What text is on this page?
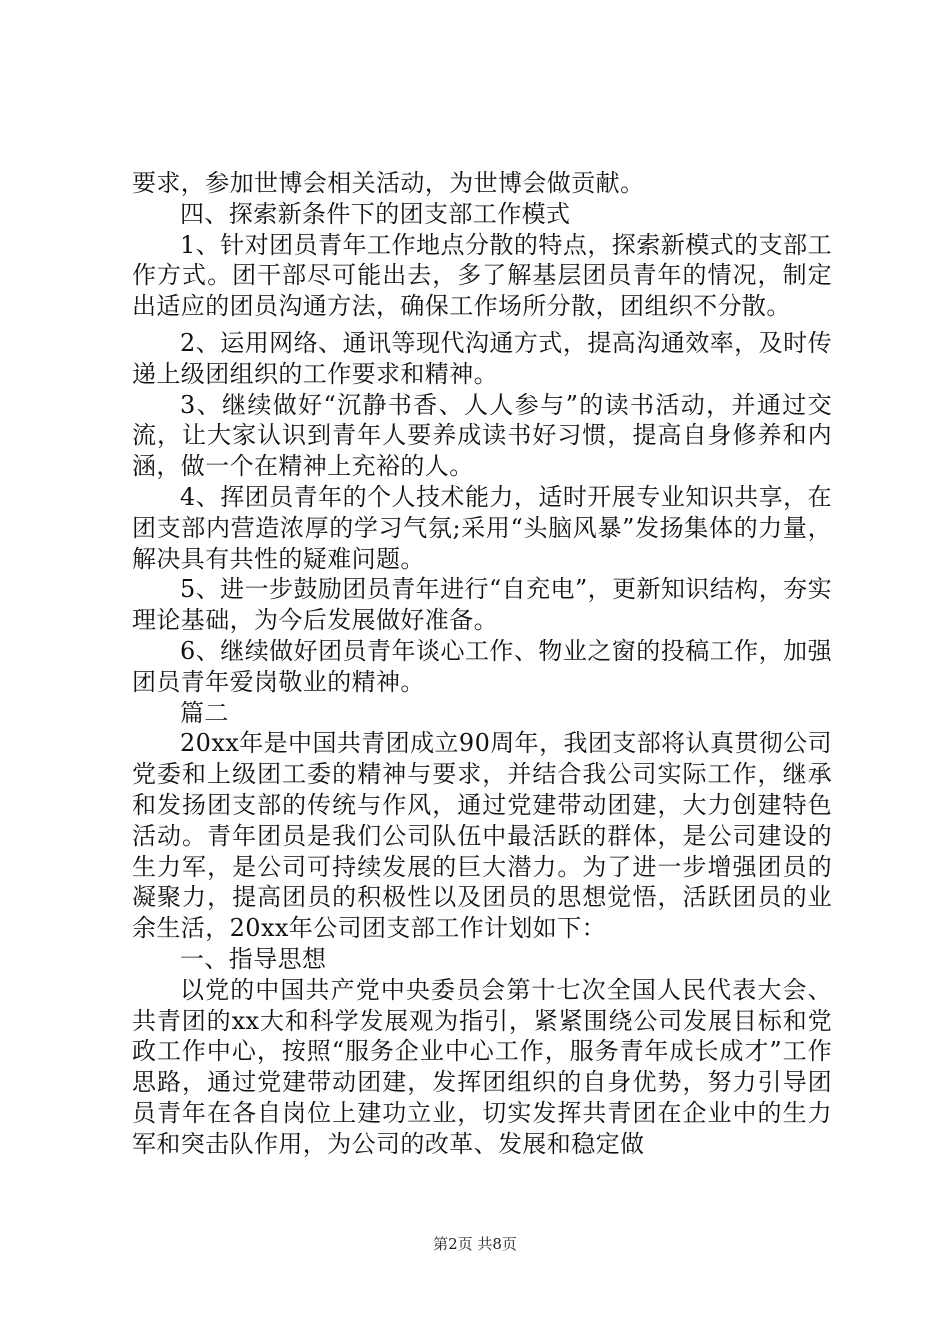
要求，参加世博会相关活动，为世博会做贡献。

四、探索新条件下的团支部工作模式

1、针对团员青年工作地点分散的特点，探索新模式的支部工作方式。团干部尽可能出去，多了解基层团员青年的情况，制定出适应的团员沟通方法，确保工作场所分散，团组织不分散。

2、运用网络、通讯等现代沟通方式，提高沟通效率，及时传递上级团组织的工作要求和精神。

3、继续做好“沉静书香、人人参与”的读书活动，并通过交流，让大家认识到青年人要养成读书好习惯，提高自身修养和内涵，做一个在精神上充裕的人。

4、挥团员青年的个人技术能力，适时开展专业知识共享，在团支部内营造浓厚的学习气氛;采用“头脑风暴”发扬集体的力量，解决具有共性的疑难问题。

5、进一步鼓励团员青年进行“自充电”，更新知识结构，夯实理论基础，为今后发展做好准备。

6、继续做好团员青年谈心工作、物业之窗的投稿工作，加强团员青年爱岗敬业的精神。

篇二

20xx年是中国共青团成立90周年，我团支部将认真贯彻公司党委和上级团工委的精神与要求，并结合我公司实际工作，继承和发扬团支部的传统与作风，通过党建带动团建，大力创建特色活动。青年团员是我们公司队伍中最活跃的群体，是公司建设的生力军，是公司可持续发展的巨大潜力。为了进一步增强团员的凝聚力，提高团员的积极性以及团员的思想觉悟，活跃团员的业余生活，20xx年公司团支部工作计划如下：

一、指导思想

以党的中国共产党中央委员会第十七次全国人民代表大会、共青团的xx大和科学发展观为指引，紧紧围绕公司发展目标和党政工作中心，按照“服务企业中心工作，服务青年成长成才”工作思路，通过党建带动团建，发挥团组织的自身优势，努力引导团员青年在各自岗位上建功立业，切实发挥共青团在企业中的生力军和突击队作用，为公司的改革、发展和稳定做

第2页 共8页
